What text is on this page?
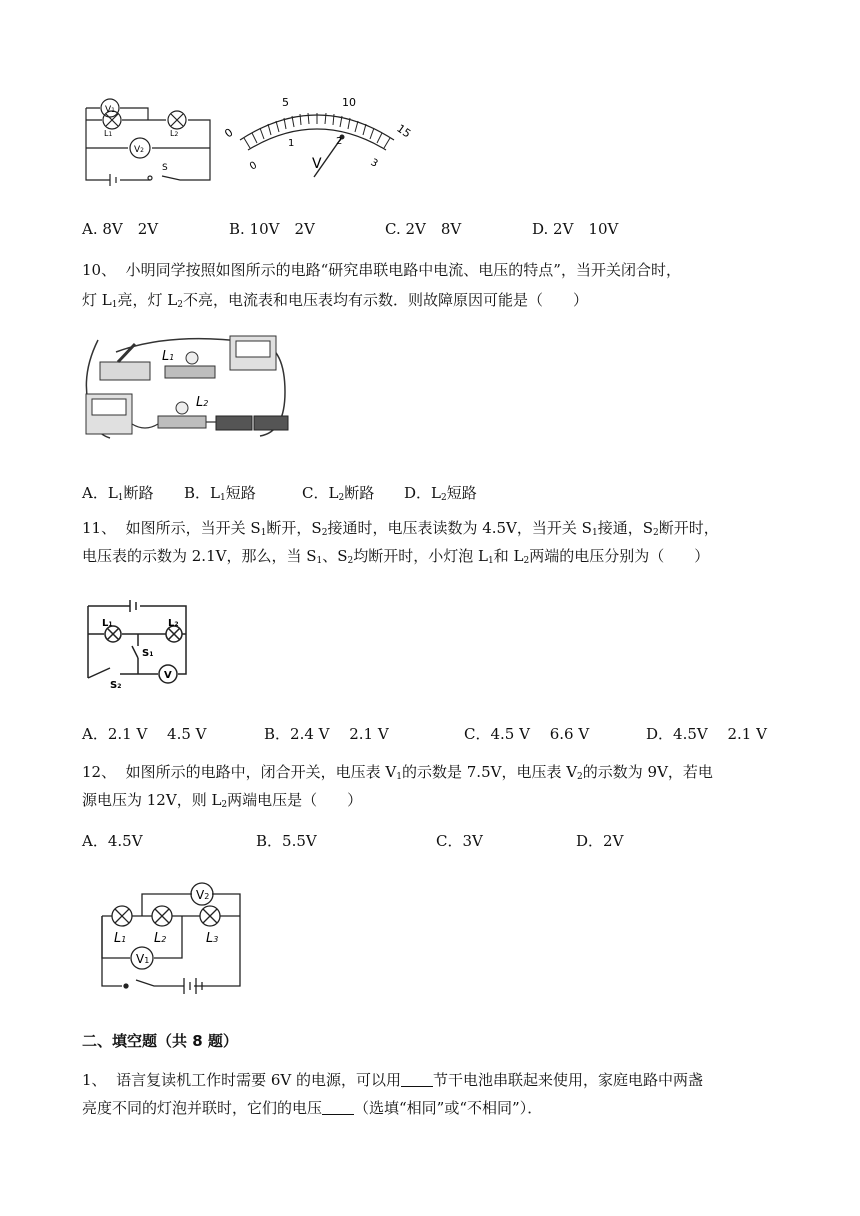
V1
V2
L1	L2
S
0
5	10
15
0
1	2
3
V
A. 8V　2V	B. 10V　2V	C. 2V　8V	D. 2V　10V
10、 小明同学按照如图所示的电路“研究串联电路中电流、电压的特点”，当开关闭合时，
灯 $L_1$亮，灯 $L_2$不亮，电流表和电压表均有示数．则故障原因可能是（　　）
L1
L2
A．$L_1$断路 B．$L_1$短路	C．$L_2$断路 D．$L_2$短路
11、 如图所示，当开关 $S_1$断开，$S_2$接通时，电压表读数为 4.5V，当开关 $S_1$接通，$S_2$断开时，
电压表的示数为 2.1V，那么，当 $S_1$、$S_2$均断开时，小灯泡 $L_1$和 $L_2$两端的电压分别为（　　）
L1	L2
S1
S2
V
A．2.1 V　 4.5 V	B．2.4 V　 2.1 V	C．4.5 V　 6.6 V	D．4.5V　 2.1 V
12、 如图所示的电路中，闭合开关，电压表 $V_1$的示数是 7.5V，电压表 $V_2$的示数为 9V，若电
源电压为 12V，则 $L_2$两端电压是（　　）
A．4.5V	B．5.5V	C．3V	D．2V
V2
V1
L1 L2	L3
二、填空题（共 8 题）
1、 语言复读机工作时需要 6V 的电源，可以用 节干电池串联起来使用，家庭电路中两盏
亮度不同的灯泡并联时，它们的电压 （选填“相同”或“不相同”）．
